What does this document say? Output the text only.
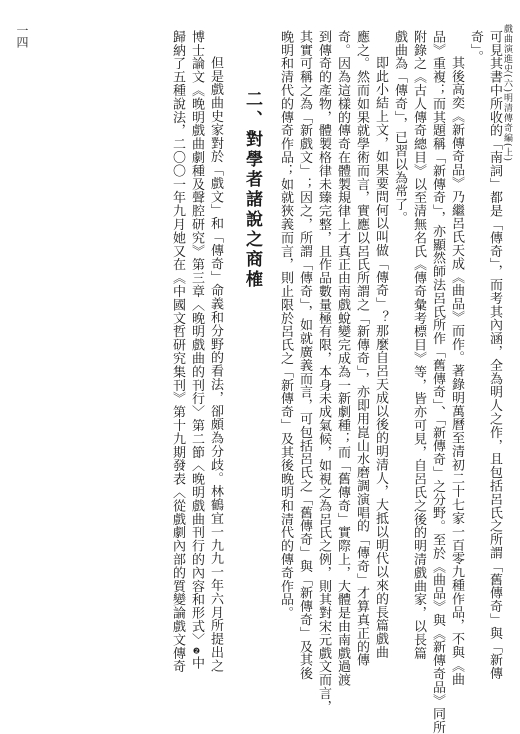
戲曲演進史(六)明清傳奇編(上)
一四	可見其書中所收的「南詞」都是「傳奇」，而考其內涵，全為明人之作，且包括呂氏之所謂「舊傳奇」與「新傳
奇」。
其後高奕《新傳奇品》乃繼呂氏天成《曲品》而作。著錄明萬曆至清初二十七家一百零九種作品，不與《曲
品》重複；而其題稱「新傳奇」，亦顯然師法呂氏所作「舊傳奇」、「新傳奇」之分野。至於《曲品》與《新傳奇品》同所
附錄之《古人傳奇總目》以至清無名氏《傳奇彙考標目》等，皆亦可見，自呂氏之後的明清戲曲家，以長篇
戲曲為「傳奇」，已習以為常了。
即此小結上文，如果要問何以叫做「傳奇」？那麼自呂天成以後的明清人，大抵以明代以來的長篇戲曲
應之。然而如果就學術而言，實應以呂氏所謂之「新傳奇」，亦即用崑山水磨調演唱的「傳奇」才算真正的傳
奇。因為這樣的傳奇在體製規律上才真正由南戲蛻變完成為一新劇種；而「舊傳奇」實際上，大體是由南戲過渡
到傳奇的產物，體製格律未臻完整，且作品數量極有限，本身未成氣候，如視之為呂氏之例，則其對宋元戲文而言，
其實可稱之為「新戲文」；因之，所謂「傳奇」，如就廣義而言，可包括呂氏之「舊傳奇」與「新傳奇」及其後
晚明和清代的傳奇作品；如就狹義而言，則止限於呂氏之「新傳奇」及其後晚明和清代的傳奇作品。
二、對學者諸說之商榷
但是戲曲史家對於「戲文」和「傳奇」命義和分野的看法，卻頗為分歧。林鶴宜一九九一年六月所提出之
博士論文《晚明戲曲劇種及聲腔研究》第三章〈晚明戲曲的刊行〉第二節〈晚明戲曲刊行的內容和形式〉❷中
歸納了五種說法，二〇〇一年九月她又在《中國文哲研究集刊》第十九期發表〈從戲劇內部的質變論戲文傳奇
